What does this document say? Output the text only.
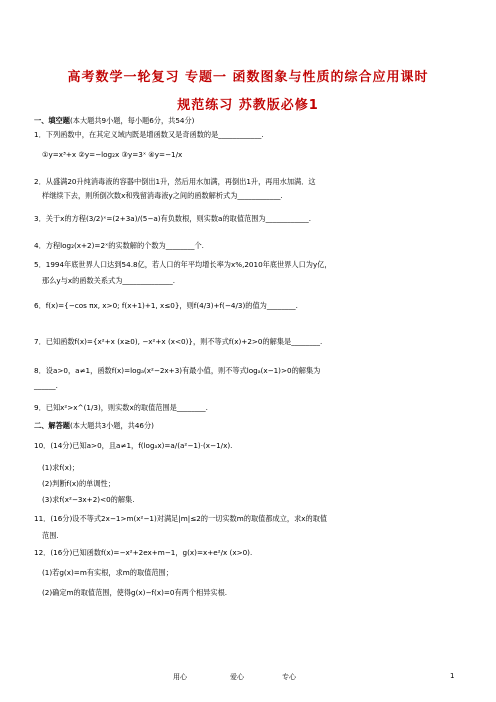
高考数学一轮复习 专题一 函数图象与性质的综合应用课时
规范练习 苏教版必修1
一、填空题(本大题共9小题，每小题6分，共54分)
1．下列函数中，在其定义域内既是增函数又是奇函数的是____________.
①y=x³+x ②y=−log₂x ③y=3ˣ ④y=−1/x
2．从盛满20升纯消毒液的容器中倒出1升，然后用水加满，再倒出1升，再用水加满．这
样继续下去，则所倒次数x和残留消毒液y之间的函数解析式为____________.
3．关于x的方程(3/2)ˣ=(2+3a)/(5−a)有负数根，则实数a的取值范围为____________.
4．方程log₂(x+2)=2ˣ的实数解的个数为________个.
5．1994年底世界人口达到54.8亿，若人口的年平均增长率为x%,2010年底世界人口为y亿，
那么y与x的函数关系式为______________.
6．f(x)={−cos πx, x>0; f(x+1)+1, x≤0}，则f(4/3)+f(−4/3)的值为________.
7．已知函数f(x)={x²+x (x≥0), −x²+x (x<0)}，则不等式f(x)+2>0的解集是________.
8．设a>0，a≠1，函数f(x)=logₐ(x²−2x+3)有最小值，则不等式logₐ(x−1)>0的解集为
______.
9．已知x²>x^(1/3)，则实数x的取值范围是________.
二、解答题(本大题共3小题，共46分)
10．(14分)已知a>0，且a≠1，f(logₐx)=a/(a²−1)·(x−1/x).
(1)求f(x)；
(2)判断f(x)的单调性；
(3)求f(x²−3x+2)<0的解集.
11．(16分)设不等式2x−1>m(x²−1)对满足|m|≤2的一切实数m的取值都成立，求x的取值
范围.
12．(16分)已知函数f(x)=−x²+2ex+m−1，g(x)=x+e²/x (x>0).
(1)若g(x)=m有实根，求m的取值范围；
(2)确定m的取值范围，使得g(x)−f(x)=0有两个相异实根.
用心	爱心	专心	1
